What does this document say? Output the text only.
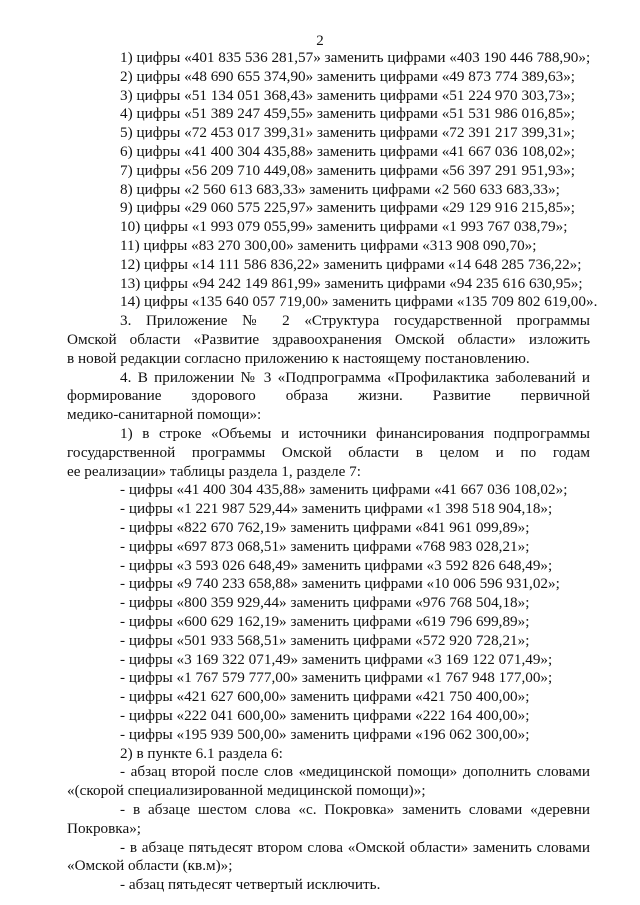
2
1) цифры «401 835 536 281,57» заменить цифрами «403 190 446 788,90»;
2) цифры «48 690 655 374,90» заменить цифрами «49 873 774 389,63»;
3) цифры «51 134 051 368,43» заменить цифрами «51 224 970 303,73»;
4) цифры «51 389 247 459,55» заменить цифрами «51 531 986 016,85»;
5) цифры «72 453 017 399,31» заменить цифрами «72 391 217 399,31»;
6) цифры «41 400 304 435,88» заменить цифрами «41 667 036 108,02»;
7) цифры «56 209 710 449,08» заменить цифрами «56 397 291 951,93»;
8) цифры «2 560 613 683,33» заменить цифрами «2 560 633 683,33»;
9) цифры «29 060 575 225,97» заменить цифрами «29 129 916 215,85»;
10) цифры «1 993 079 055,99» заменить цифрами «1 993 767 038,79»;
11) цифры «83 270 300,00» заменить цифрами «313 908 090,70»;
12) цифры «14 111 586 836,22» заменить цифрами «14 648 285 736,22»;
13) цифры «94 242 149 861,99» заменить цифрами «94 235 616 630,95»;
14) цифры «135 640 057 719,00» заменить цифрами «135 709 802 619,00».
3. Приложение № 2 «Структура государственной программы
Омской области «Развитие здравоохранения Омской области» изложить
в новой редакции согласно приложению к настоящему постановлению.
4. В приложении № 3 «Подпрограмма «Профилактика заболеваний и
формирование здорового образа жизни. Развитие первичной
медико-санитарной помощи»:
1) в строке «Объемы и источники финансирования подпрограммы
государственной программы Омской области в целом и по годам
ее реализации» таблицы раздела 1, разделе 7:
- цифры «41 400 304 435,88» заменить цифрами «41 667 036 108,02»;
- цифры «1 221 987 529,44» заменить цифрами «1 398 518 904,18»;
- цифры «822 670 762,19» заменить цифрами «841 961 099,89»;
- цифры «697 873 068,51» заменить цифрами «768 983 028,21»;
- цифры «3 593 026 648,49» заменить цифрами «3 592 826 648,49»;
- цифры «9 740 233 658,88» заменить цифрами «10 006 596 931,02»;
- цифры «800 359 929,44» заменить цифрами «976 768 504,18»;
- цифры «600 629 162,19» заменить цифрами «619 796 699,89»;
- цифры «501 933 568,51» заменить цифрами «572 920 728,21»;
- цифры «3 169 322 071,49» заменить цифрами «3 169 122 071,49»;
- цифры «1 767 579 777,00» заменить цифрами «1 767 948 177,00»;
- цифры «421 627 600,00» заменить цифрами «421 750 400,00»;
- цифры «222 041 600,00» заменить цифрами «222 164 400,00»;
- цифры «195 939 500,00» заменить цифрами «196 062 300,00»;
2) в пункте 6.1 раздела 6:
- абзац второй после слов «медицинской помощи» дополнить словами
«(скорой специализированной медицинской помощи)»;
- в абзаце шестом слова «с. Покровка» заменить словами «деревни
Покровка»;
- в абзаце пятьдесят втором слова «Омской области» заменить словами
«Омской области (кв.м)»;
- абзац пятьдесят четвертый исключить.
